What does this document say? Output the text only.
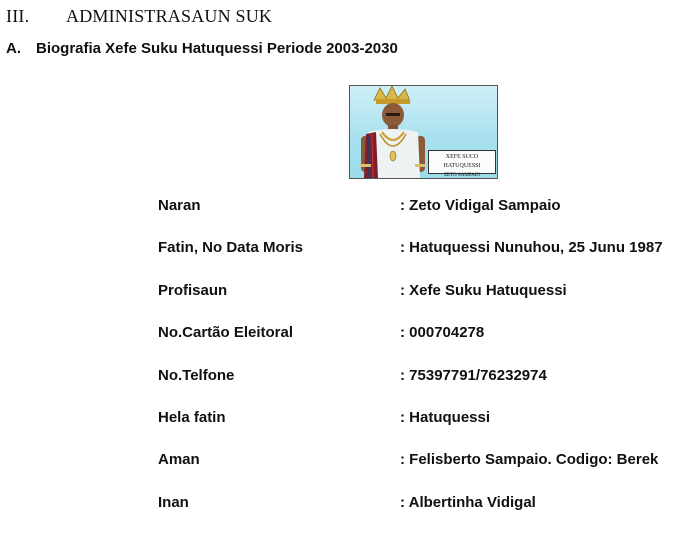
III. ADMINISTRASAUN SUK
A. Biografia Xefe Suku Hatuquessi Periode 2003-2030
XEFE SUCO HATUQUESSI
ZETO SAMPAIO
Naran	: Zeto Vidigal Sampaio
Fatin, No Data Moris	: Hatuquessi Nunuhou, 25 Junu 1987
Profisaun	: Xefe Suku Hatuquessi
No.Cartão Eleitoral	: 000704278
No.Telfone	: 75397791/76232974
Hela fatin	: Hatuquessi
Aman	: Felisberto Sampaio. Codigo: Berek
Inan	: Albertinha Vidigal
